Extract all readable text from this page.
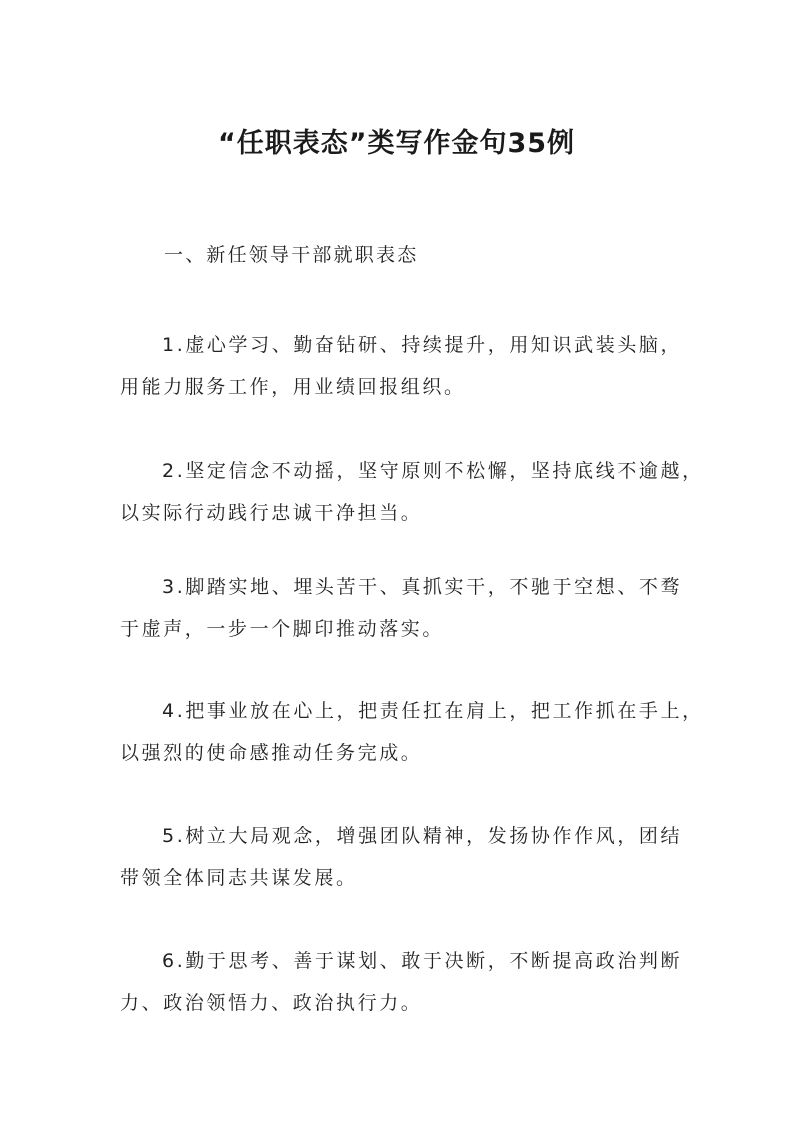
“任职表态”类写作金句35例
一、新任领导干部就职表态
1.虚心学习、勤奋钻研、持续提升，用知识武装头脑，
用能力服务工作，用业绩回报组织。
2.坚定信念不动摇，坚守原则不松懈，坚持底线不逾越，
以实际行动践行忠诚干净担当。
3.脚踏实地、埋头苦干、真抓实干，不驰于空想、不骛
于虚声，一步一个脚印推动落实。
4.把事业放在心上，把责任扛在肩上，把工作抓在手上，
以强烈的使命感推动任务完成。
5.树立大局观念，增强团队精神，发扬协作作风，团结
带领全体同志共谋发展。
6.勤于思考、善于谋划、敢于决断，不断提高政治判断
力、政治领悟力、政治执行力。
